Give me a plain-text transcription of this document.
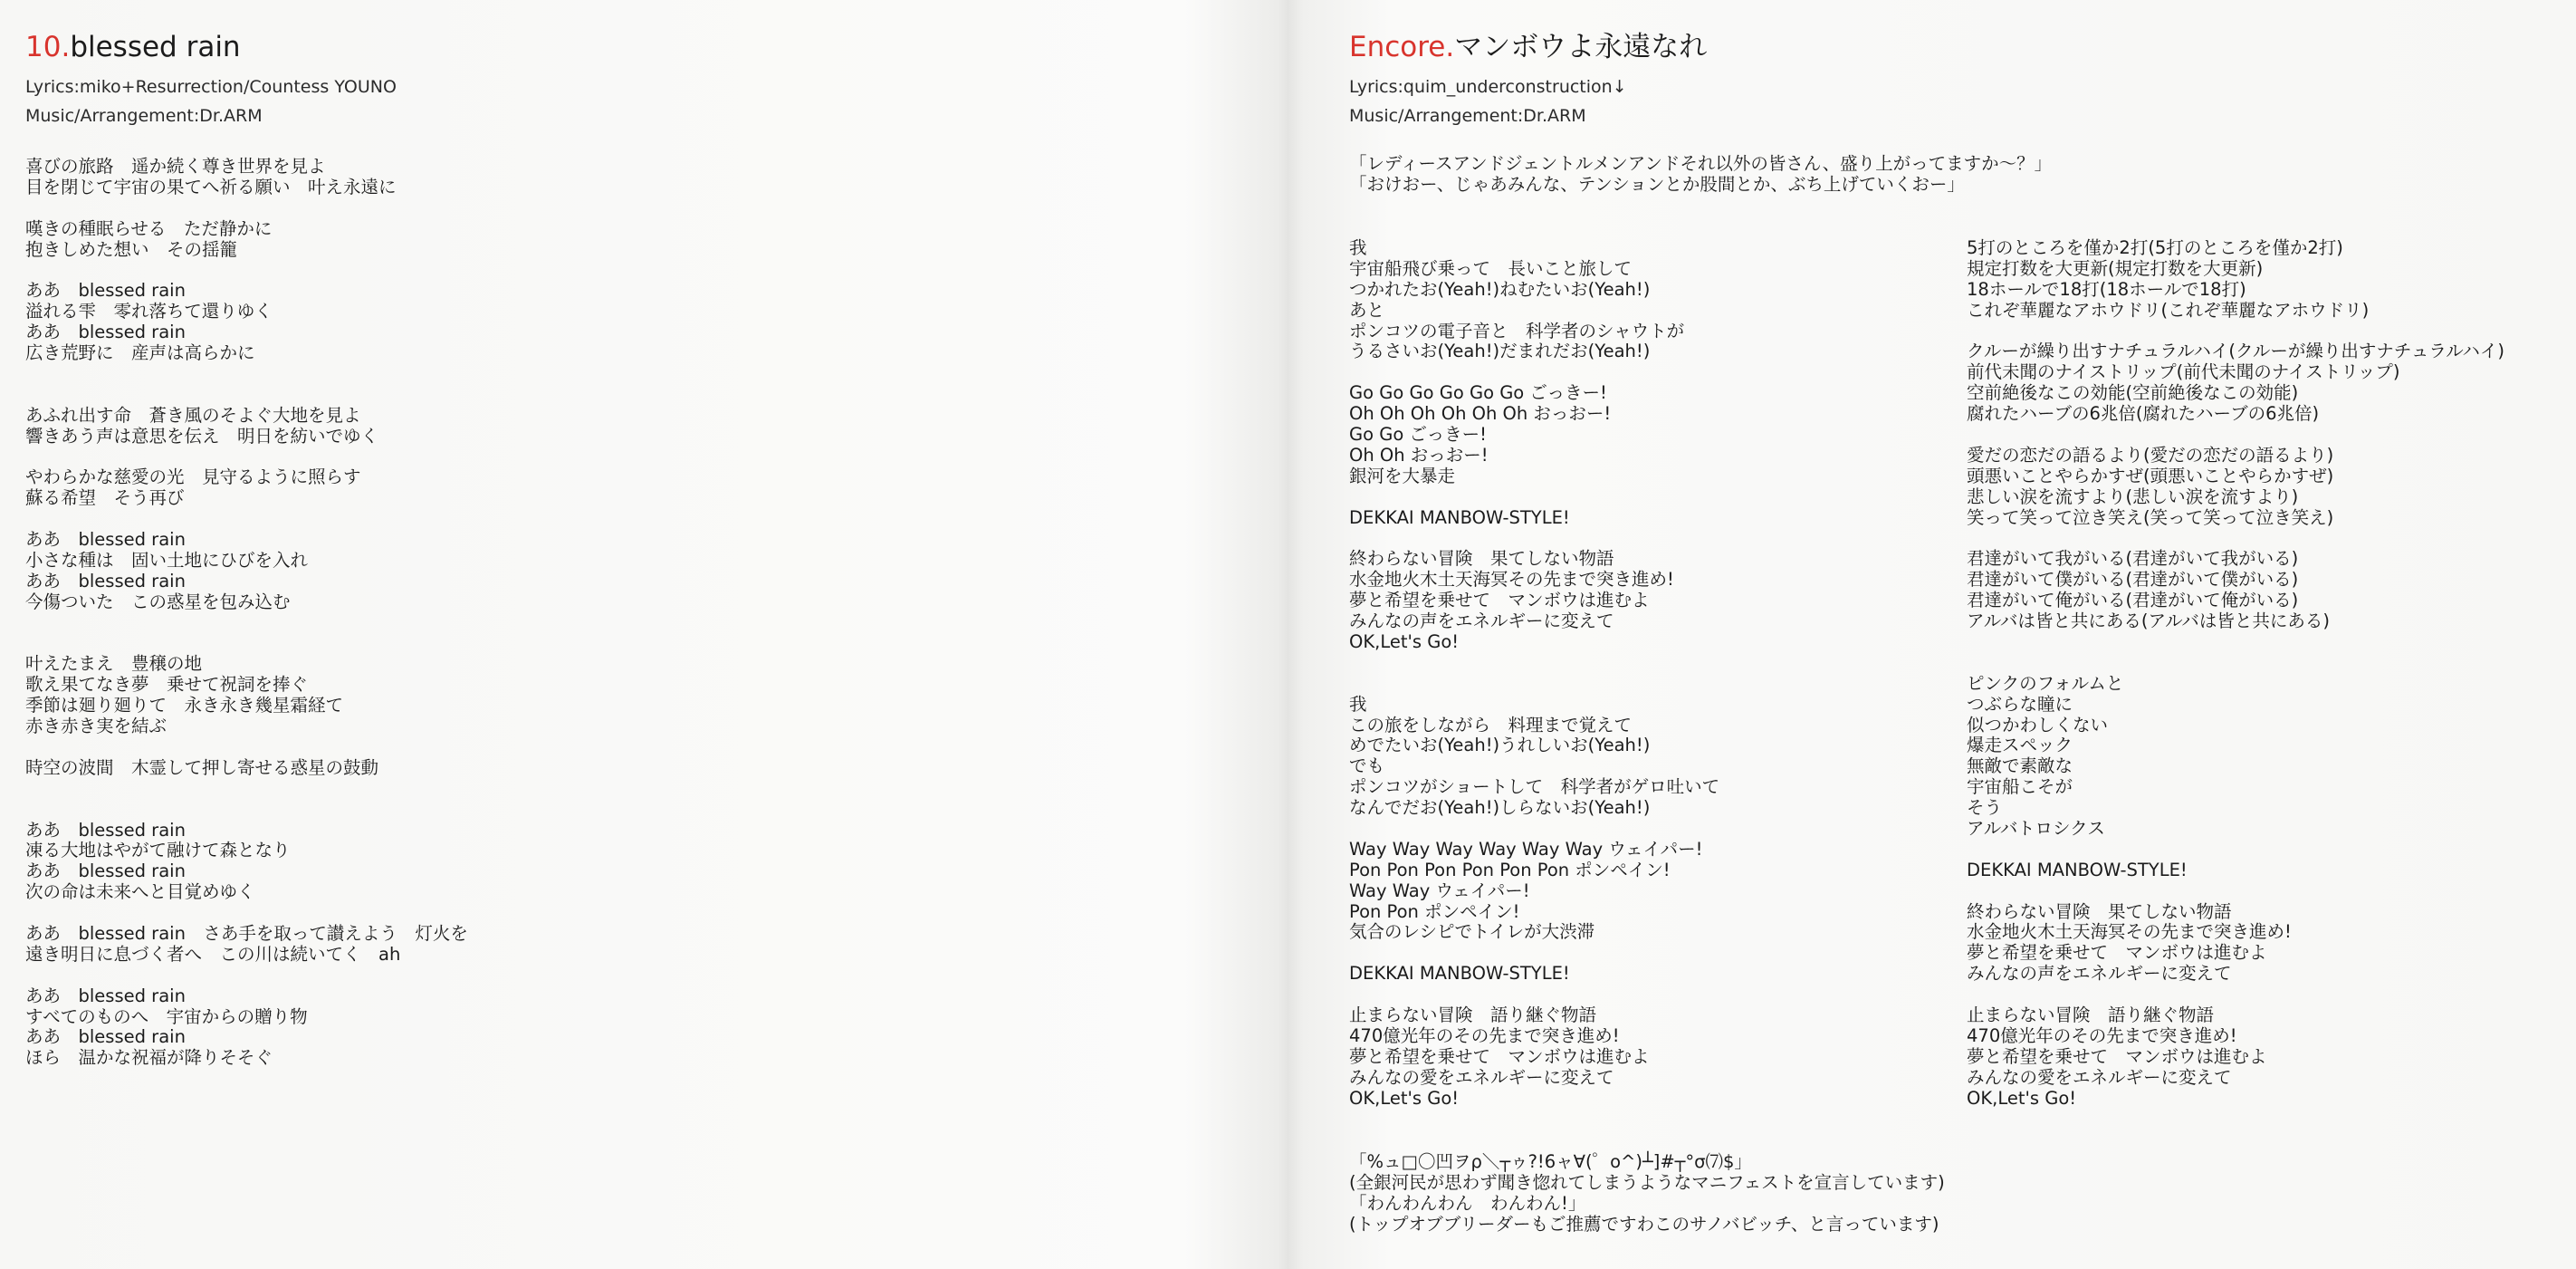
10.blessed rain
Lyrics:miko+Resurrection/Countess YOUNO
Music/Arrangement:Dr.ARM
喜びの旅路　遥か続く尊き世界を見よ
目を閉じて宇宙の果てへ祈る願い　叶え永遠に
嘆きの種眠らせる　ただ静かに
抱きしめた想い　その揺籠
ああ　blessed rain
溢れる雫　零れ落ちて還りゆく
ああ　blessed rain
広き荒野に　産声は高らかに
あふれ出す命　蒼き風のそよぐ大地を見よ
響きあう声は意思を伝え　明日を紡いでゆく
やわらかな慈愛の光　見守るように照らす
蘇る希望　そう再び
ああ　blessed rain
小さな種は　固い土地にひびを入れ
ああ　blessed rain
今傷ついた　この惑星を包み込む
叶えたまえ　豊穣の地
歌え果てなき夢　乗せて祝詞を捧ぐ
季節は廻り廻りて　永き永き幾星霜経て
赤き赤き実を結ぶ
時空の波間　木霊して押し寄せる惑星の鼓動
ああ　blessed rain
凍る大地はやがて融けて森となり
ああ　blessed rain
次の命は未来へと目覚めゆく
ああ　blessed rain　さあ手を取って讃えよう　灯火を
遠き明日に息づく者へ　この川は続いてく　ah
ああ　blessed rain
すべてのものへ　宇宙からの贈り物
ああ　blessed rain
ほら　温かな祝福が降りそそぐ
Encore.マンボウよ永遠なれ
Lyrics:quim_underconstruction↓
Music/Arrangement:Dr.ARM
「レディースアンドジェントルメンアンドそれ以外の皆さん、盛り上がってますか～？」
「おけおー、じゃあみんな、テンションとか股間とか、ぶち上げていくおー」
我
宇宙船飛び乗って　長いこと旅して
つかれたお(Yeah!)ねむたいお(Yeah!)
あと
ポンコツの電子音と　科学者のシャウトが
うるさいお(Yeah!)だまれだお(Yeah!)
Go Go Go Go Go Go ごっきー!
Oh Oh Oh Oh Oh Oh おっおー!
Go Go ごっきー!
Oh Oh おっおー!
銀河を大暴走
DEKKAI MANBOW-STYLE!
終わらない冒険　果てしない物語
水金地火木土天海冥その先まで突き進め!
夢と希望を乗せて　マンボウは進むよ
みんなの声をエネルギーに変えて
OK,Let's Go!
我
この旅をしながら　料理まで覚えて
めでたいお(Yeah!)うれしいお(Yeah!)
でも
ポンコツがショートして　科学者がゲロ吐いて
なんでだお(Yeah!)しらないお(Yeah!)
Way Way Way Way Way Way ウェイパー!
Pon Pon Pon Pon Pon Pon ポンペイン!
Way Way ウェイパー!
Pon Pon ポンペイン!
気合のレシピでトイレが大渋滞
DEKKAI MANBOW-STYLE!
止まらない冒険　語り継ぐ物語
470億光年のその先まで突き進め!
夢と希望を乗せて　マンボウは進むよ
みんなの愛をエネルギーに変えて
OK,Let's Go!
5打のところを僅か2打(5打のところを僅か2打)
規定打数を大更新(規定打数を大更新)
18ホールで18打(18ホールで18打)
これぞ華麗なアホウドリ(これぞ華麗なアホウドリ)
クルーが繰り出すナチュラルハイ(クルーが繰り出すナチュラルハイ)
前代未聞のナイストリップ(前代未聞のナイストリップ)
空前絶後なこの効能(空前絶後なこの効能)
腐れたハーブの6兆倍(腐れたハーブの6兆倍)
愛だの恋だの語るより(愛だの恋だの語るより)
頭悪いことやらかすぜ(頭悪いことやらかすぜ)
悲しい涙を流すより(悲しい涙を流すより)
笑って笑って泣き笑え(笑って笑って泣き笑え)
君達がいて我がいる(君達がいて我がいる)
君達がいて僕がいる(君達がいて僕がいる)
君達がいて俺がいる(君達がいて俺がいる)
アルバは皆と共にある(アルバは皆と共にある)
ピンクのフォルムと
つぶらな瞳に
似つかわしくない
爆走スペック
無敵で素敵な
宇宙船こそが
そう
アルバトロシクス
DEKKAI MANBOW-STYLE!
終わらない冒険　果てしない物語
水金地火木土天海冥その先まで突き進め!
夢と希望を乗せて　マンボウは進むよ
みんなの声をエネルギーに変えて
止まらない冒険　語り継ぐ物語
470億光年のその先まで突き進め!
夢と希望を乗せて　マンボウは進むよ
みんなの愛をエネルギーに変えて
OK,Let's Go!
「%ュ□〇凹ヲρ＼┬ゥ?!6ャ∀(゜o^)┴]#┬°σ⑺$」
(全銀河民が思わず聞き惚れてしまうようなマニフェストを宣言しています)
「わんわんわん　わんわん!」
(トップオブブリーダーもご推薦ですわこのサノバビッチ、と言っています)
